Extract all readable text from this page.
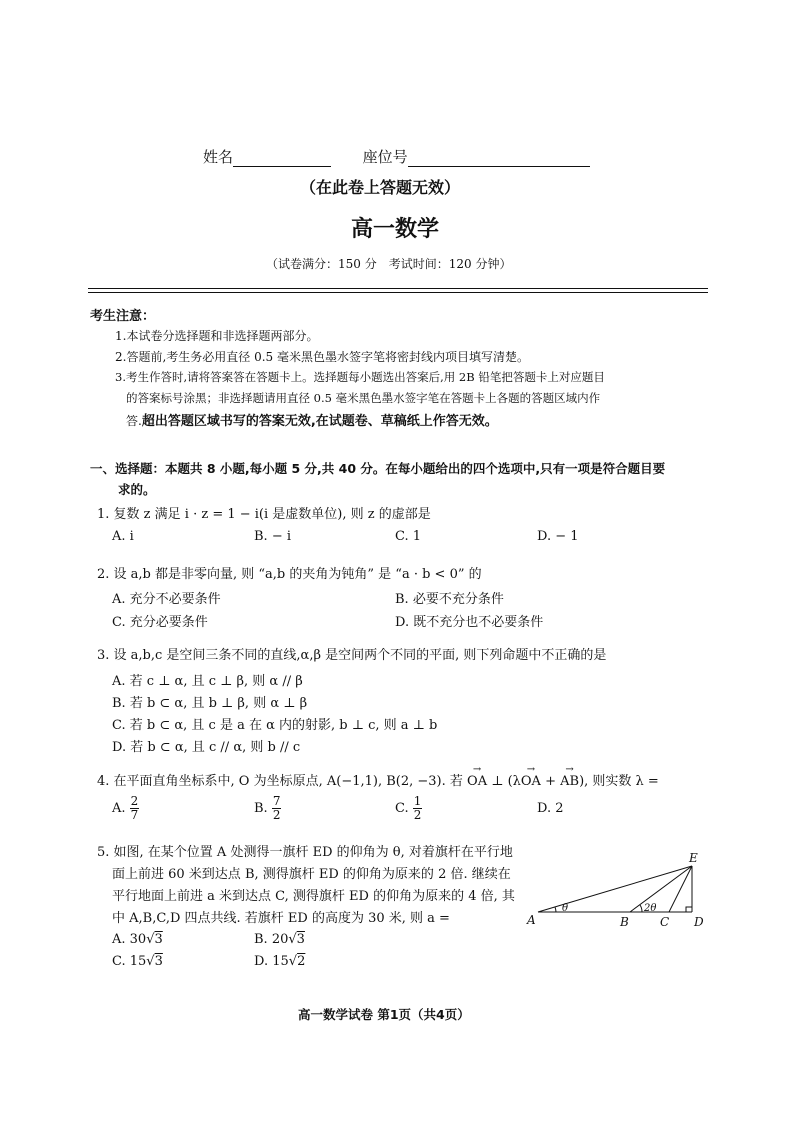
姓名	座位号
（在此卷上答题无效）
高一数学
（试卷满分：150 分　考试时间：120 分钟）
考生注意：
1.本试卷分选择题和非选择题两部分。
2.答题前,考生务必用直径 0.5 毫米黑色墨水签字笔将密封线内项目填写清楚。
3.考生作答时,请将答案答在答题卡上。选择题每小题选出答案后,用 2B 铅笔把答题卡上对应题目
的答案标号涂黑；非选择题请用直径 0.5 毫米黑色墨水签字笔在答题卡上各题的答题区域内作
答.超出答题区域书写的答案无效,在试题卷、草稿纸上作答无效。
一、选择题：本题共 8 小题,每小题 5 分,共 40 分。在每小题给出的四个选项中,只有一项是符合题目要
求的。
1. 复数 z 满足 i · z = 1 − i(i 是虚数单位), 则 z 的虚部是
A. i	B. − i	C. 1	D. − 1
2. 设 a,b 都是非零向量, 则 “a,b 的夹角为钝角” 是 “a · b < 0” 的
A. 充分不必要条件	B. 必要不充分条件
C. 充分必要条件	D. 既不充分也不必要条件
3. 设 a,b,c 是空间三条不同的直线,α,β 是空间两个不同的平面, 则下列命题中不正确的是
A. 若 c ⊥ α, 且 c ⊥ β, 则 α // β
B. 若 b ⊂ α, 且 b ⊥ β, 则 α ⊥ β
C. 若 b ⊂ α, 且 c 是 a 在 α 内的射影, b ⊥ c, 则 a ⊥ b
D. 若 b ⊂ α, 且 c // α, 则 b // c
4. 在平面直角坐标系中, O 为坐标原点, A(−1,1), B(2, −3). 若 → OA ⊥ (λ→ OA + → AB), 则实数 λ =
A. $\frac{2}{7}$	B. $\frac{7}{2}$	C. $\frac{1}{2}$	D. 2
5. 如图, 在某个位置 A 处测得一旗杆 ED 的仰角为 θ, 对着旗杆在平行地
面上前进 60 米到达点 B, 测得旗杆 ED 的仰角为原来的 2 倍. 继续在
平行地面上前进 a 米到达点 C, 测得旗杆 ED 的仰角为原来的 4 倍, 其
中 A,B,C,D 四点共线. 若旗杆 ED 的高度为 30 米, 则 a =
A. 30√3	B. 20√3
C. 15√3	D. 15√2
E
A	B	C D
θ	2θ
高一数学试卷 第1页（共4页）
